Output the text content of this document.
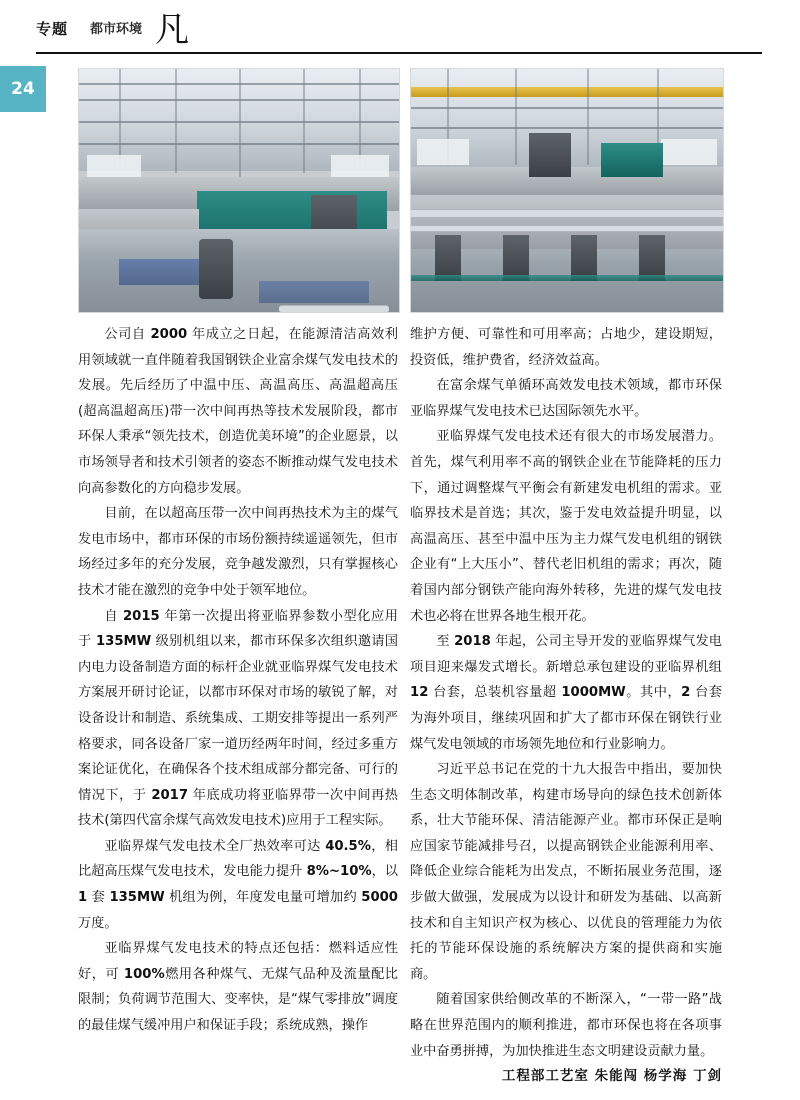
专题 都市环境 凡
24

公司自 2000 年成立之日起，在能源清洁高效利用领域就一直伴随着我国钢铁企业富余煤气发电技术的发展。先后经历了中温中压、高温高压、高温超高压(超高温超高压)带一次中间再热等技术发展阶段，都市环保人秉承“领先技术，创造优美环境”的企业愿景，以市场领导者和技术引领者的姿态不断推动煤气发电技术向高参数化的方向稳步发展。

目前，在以超高压带一次中间再热技术为主的煤气发电市场中，都市环保的市场份额持续遥遥领先，但市场经过多年的充分发展，竞争越发激烈，只有掌握核心技术才能在激烈的竞争中处于领军地位。

自 2015 年第一次提出将亚临界参数小型化应用于 135MW 级别机组以来，都市环保多次组织邀请国内电力设备制造方面的标杆企业就亚临界煤气发电技术方案展开研讨论证，以都市环保对市场的敏锐了解，对设备设计和制造、系统集成、工期安排等提出一系列严格要求，同各设备厂家一道历经两年时间，经过多重方案论证优化，在确保各个技术组成部分都完备、可行的情况下，于 2017 年底成功将亚临界带一次中间再热技术(第四代富余煤气高效发电技术)应用于工程实际。

亚临界煤气发电技术全厂热效率可达 40.5%，相比超高压煤气发电技术，发电能力提升 8%~10%，以 1 套 135MW 机组为例，年度发电量可增加约 5000 万度。

亚临界煤气发电技术的特点还包括：燃料适应性好，可 100%燃用各种煤气、无煤气品种及流量配比限制；负荷调节范围大、变率快，是“煤气零排放”调度的最佳煤气缓冲用户和保证手段；系统成熟，操作

维护方便、可靠性和可用率高；占地少，建设期短，投资低，维护费省，经济效益高。

在富余煤气单循环高效发电技术领域，都市环保亚临界煤气发电技术已达国际领先水平。

亚临界煤气发电技术还有很大的市场发展潜力。首先，煤气利用率不高的钢铁企业在节能降耗的压力下，通过调整煤气平衡会有新建发电机组的需求。亚临界技术是首选；其次，鉴于发电效益提升明显，以高温高压、甚至中温中压为主力煤气发电机组的钢铁企业有“上大压小”、替代老旧机组的需求；再次，随着国内部分钢铁产能向海外转移，先进的煤气发电技术也必将在世界各地生根开花。

至 2018 年起，公司主导开发的亚临界煤气发电项目迎来爆发式增长。新增总承包建设的亚临界机组 12 台套，总装机容量超 1000MW。其中，2 台套为海外项目，继续巩固和扩大了都市环保在钢铁行业煤气发电领域的市场领先地位和行业影响力。

习近平总书记在党的十九大报告中指出，要加快生态文明体制改革，构建市场导向的绿色技术创新体系，壮大节能环保、清洁能源产业。都市环保正是响应国家节能减排号召，以提高钢铁企业能源利用率、降低企业综合能耗为出发点，不断拓展业务范围，逐步做大做强，发展成为以设计和研发为基础、以高新技术和自主知识产权为核心、以优良的管理能力为依托的节能环保设施的系统解决方案的提供商和实施商。

随着国家供给侧改革的不断深入，“一带一路”战略在世界范围内的顺利推进，都市环保也将在各项事业中奋勇拼搏，为加快推进生态文明建设贡献力量。

工程部工艺室 朱能闯 杨学海 丁剑
